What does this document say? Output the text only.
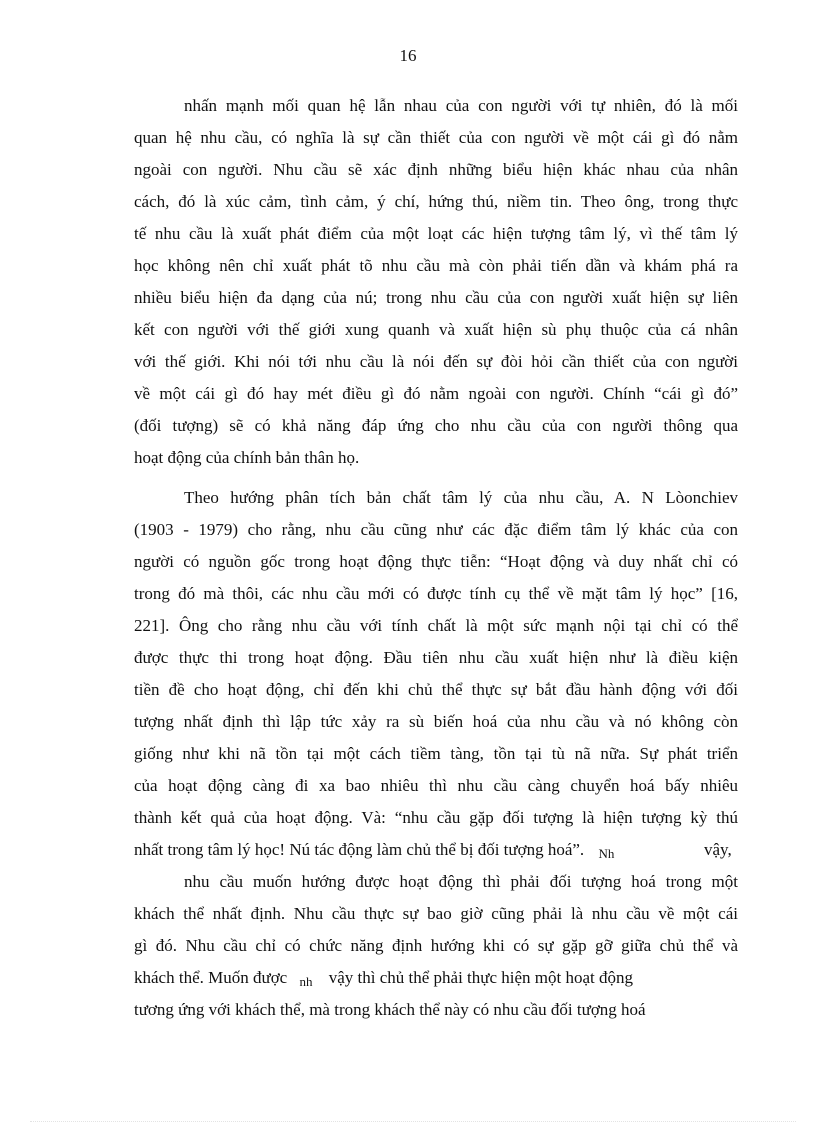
16
nhấn mạnh mối quan hệ lẫn nhau của con người với tự nhiên, đó là mối
quan hệ nhu cầu, có nghĩa là sự cần thiết của con người về một cái gì đó nằm
ngoài con người. Nhu cầu sẽ xác định những biểu hiện khác nhau của nhân
cách, đó là xúc cảm, tình cảm, ý chí, hứng thú, niềm tin. Theo ông, trong thực
tế nhu cầu là xuất phát điểm của một loạt các hiện tượng tâm lý, vì thế tâm lý
học không nên chỉ xuất phát tõ nhu cầu mà còn phải tiến dần và khám phá ra
nhiều biểu hiện đa dạng của nú; trong nhu cầu của con người xuất hiện sự liên
kết con người với thế giới xung quanh và xuất hiện sù phụ thuộc của cá nhân
với thế giới. Khi nói tới nhu cầu là nói đến sự đòi hỏi cần thiết của con người
về một cái gì đó hay mét điều gì đó nằm ngoài con người. Chính “cái gì đó”
(đối tượng) sẽ có khả năng đáp ứng cho nhu cầu của con người thông qua
hoạt động của chính bản thân họ.
Theo hướng phân tích bản chất tâm lý của nhu cầu, A. N Lòonchiev
(1903 - 1979) cho rằng, nhu cầu cũng như các đặc điểm tâm lý khác của con
người có nguồn gốc trong hoạt động thực tiễn: “Hoạt động và duy nhất chỉ có
trong đó mà thôi, các nhu cầu mới có được tính cụ thể về mặt tâm lý học” [16,
221]. Ông cho rằng nhu cầu với tính chất là một sức mạnh nội tại chỉ có thể
được thực thi trong hoạt động. Đầu tiên nhu cầu xuất hiện như là điều kiện
tiền đề cho hoạt động, chỉ đến khi chủ thể thực sự bắt đầu hành động với đối
tượng nhất định thì lập tức xảy ra sù biến hoá của nhu cầu và nó không còn
giống như khi nã tồn tại một cách tiềm tàng, tồn tại tù nã nữa. Sự phát triển
của hoạt động càng đi xa bao nhiêu thì nhu cầu càng chuyển hoá bấy nhiêu
thành kết quả của hoạt động. Và: “nhu cầu gặp đối tượng là hiện tượng kỳ thú
nhất trong tâm lý học! Nú tác động làm chủ thể bị đối tượng hoá”. Nh	vậy,
nhu cầu muốn hướng được hoạt động thì phải đối tượng hoá trong một
khách thể nhất định. Nhu cầu thực sự bao giờ cũng phải là nhu cầu về một cái
gì đó. Nhu cầu chỉ có chức năng định hướng khi có sự gặp gỡ giữa chủ thể và
khách thể. Muốn được nh vậy thì chủ thể phải thực hiện một hoạt động
tương ứng với khách thể, mà trong khách thể này có nhu cầu đối tượng hoá
